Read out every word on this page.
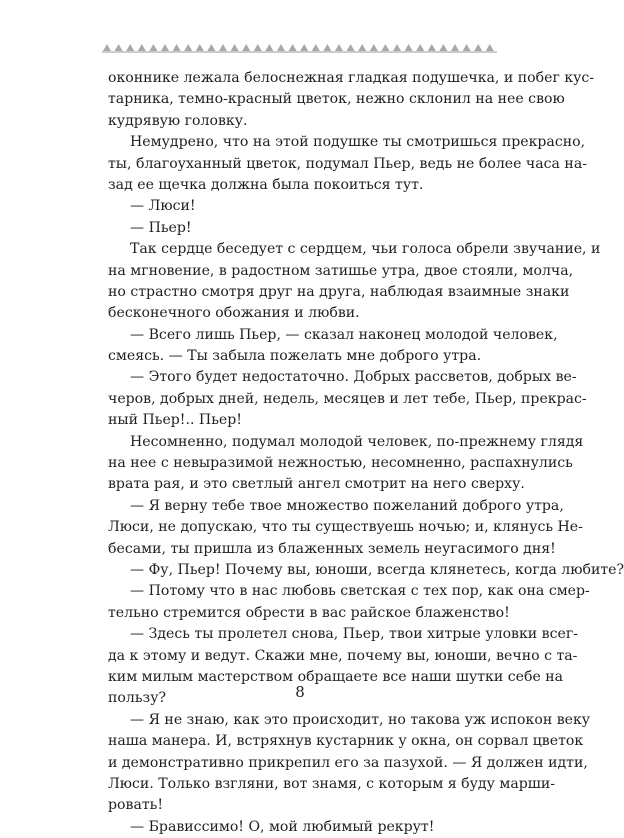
оконнике лежала белоснежная гладкая подушечка, и побег кус-
тарника, темно-красный цветок, нежно склонил на нее свою
кудрявую головку.
Немудрено, что на этой подушке ты смотришься прекрасно,
ты, благоуханный цветок, подумал Пьер, ведь не более часа на-
зад ее щечка должна была покоиться тут.
— Люси!
— Пьер!
Так сердце беседует с сердцем, чьи голоса обрели звучание, и
на мгновение, в радостном затишье утра, двое стояли, молча,
но страстно смотря друг на друга, наблюдая взаимные знаки
бесконечного обожания и любви.
— Всего лишь Пьер, — сказал наконец молодой человек,
смеясь. — Ты забыла пожелать мне доброго утра.
— Этого будет недостаточно. Добрых рассветов, добрых ве-
черов, добрых дней, недель, месяцев и лет тебе, Пьер, прекрас-
ный Пьер!.. Пьер!
Несомненно, подумал молодой человек, по-прежнему глядя
на нее с невыразимой нежностью, несомненно, распахнулись
врата рая, и это светлый ангел смотрит на него сверху.
— Я верну тебе твое множество пожеланий доброго утра,
Люси, не допускаю, что ты существуешь ночью; и, клянусь Не-
бесами, ты пришла из блаженных земель неугасимого дня!
— Фу, Пьер! Почему вы, юноши, всегда клянетесь, когда любите?
— Потому что в нас любовь светская с тех пор, как она смер-
тельно стремится обрести в вас райское блаженство!
— Здесь ты пролетел снова, Пьер, твои хитрые уловки всег-
да к этому и ведут. Скажи мне, почему вы, юноши, вечно с та-
ким милым мастерством обращаете все наши шутки себе на
пользу?
— Я не знаю, как это происходит, но такова уж испокон веку
наша манера. И, встряхнув кустарник у окна, он сорвал цветок
и демонстративно прикрепил его за пазухой. — Я должен идти,
Люси. Только взгляни, вот знамя, с которым я буду марши-
ровать!
— Брависсимо! О, мой любимый рекрут!
8
